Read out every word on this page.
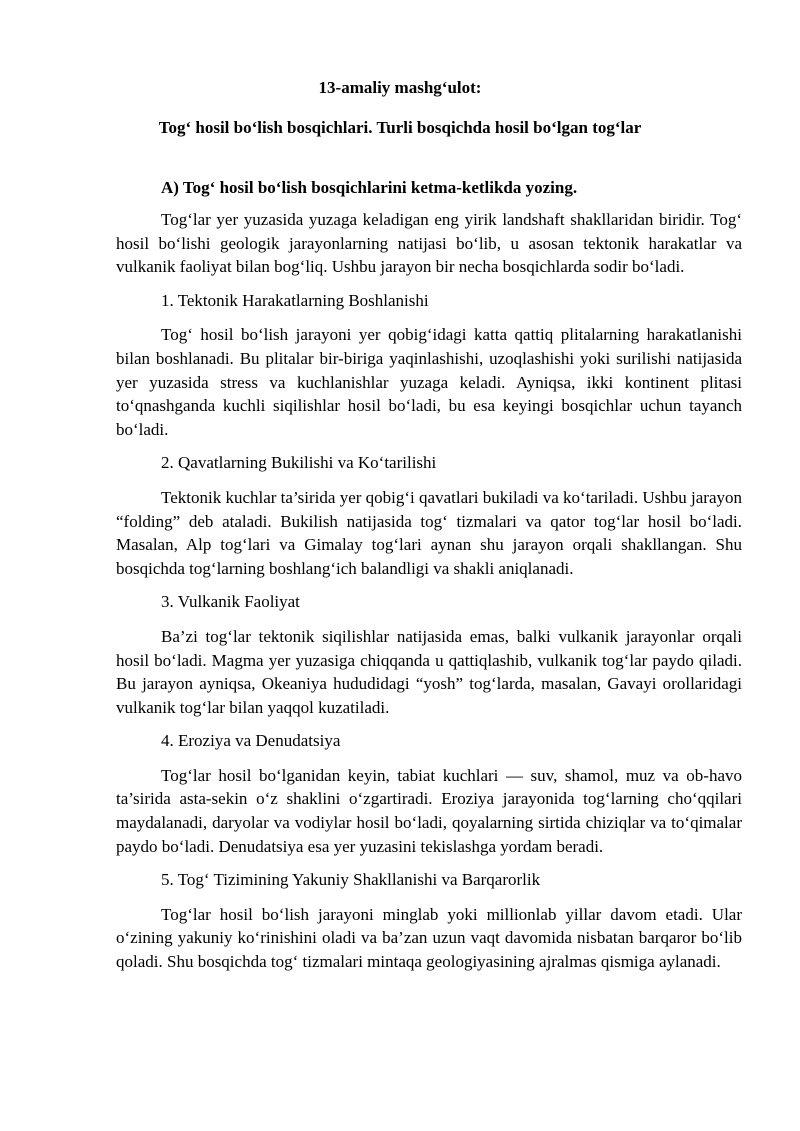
13-amaliy mashg‘ulot:
Tog‘ hosil bo‘lish bosqichlari. Turli bosqichda hosil bo‘lgan tog‘lar
A) Tog‘ hosil bo‘lish bosqichlarini ketma-ketlikda yozing.

Tog‘lar yer yuzasida yuzaga keladigan eng yirik landshaft shakllaridan biridir. Tog‘ hosil bo‘lishi geologik jarayonlarning natijasi bo‘lib, u asosan tektonik harakatlar va vulkanik faoliyat bilan bog‘liq. Ushbu jarayon bir necha bosqichlarda sodir bo‘ladi.

1. Tektonik Harakatlarning Boshlanishi

Tog‘ hosil bo‘lish jarayoni yer qobig‘idagi katta qattiq plitalarning harakatlanishi bilan boshlanadi. Bu plitalar bir-biriga yaqinlashishi, uzoqlashishi yoki surilishi natijasida yer yuzasida stress va kuchlanishlar yuzaga keladi. Ayniqsa, ikki kontinent plitasi to‘qnashganda kuchli siqilishlar hosil bo‘ladi, bu esa keyingi bosqichlar uchun tayanch bo‘ladi.

2. Qavatlarning Bukilishi va Ko‘tarilishi

Tektonik kuchlar ta’sirida yer qobig‘i qavatlari bukiladi va ko‘tariladi. Ushbu jarayon “folding” deb ataladi. Bukilish natijasida tog‘ tizmalari va qator tog‘lar hosil bo‘ladi. Masalan, Alp tog‘lari va Gimalay tog‘lari aynan shu jarayon orqali shakllangan. Shu bosqichda tog‘larning boshlang‘ich balandligi va shakli aniqlanadi.

3. Vulkanik Faoliyat

Ba’zi tog‘lar tektonik siqilishlar natijasida emas, balki vulkanik jarayonlar orqali hosil bo‘ladi. Magma yer yuzasiga chiqqanda u qattiqlashib, vulkanik tog‘lar paydo qiladi. Bu jarayon ayniqsa, Okeaniya hududidagi “yosh” tog‘larda, masalan, Gavayi orollaridagi vulkanik tog‘lar bilan yaqqol kuzatiladi.

4. Eroziya va Denudatsiya

Tog‘lar hosil bo‘lganidan keyin, tabiat kuchlari — suv, shamol, muz va ob-havo ta’sirida asta-sekin o‘z shaklini o‘zgartiradi. Eroziya jarayonida tog‘larning cho‘qqilari maydalanadi, daryolar va vodiylar hosil bo‘ladi, qoyalarning sirtida chiziqlar va to‘qimalar paydo bo‘ladi. Denudatsiya esa yer yuzasini tekislashga yordam beradi.

5. Tog‘ Tizimining Yakuniy Shakllanishi va Barqarorlik

Tog‘lar hosil bo‘lish jarayoni minglab yoki millionlab yillar davom etadi. Ular o‘zining yakuniy ko‘rinishini oladi va ba’zan uzun vaqt davomida nisbatan barqaror bo‘lib qoladi. Shu bosqichda tog‘ tizmalari mintaqa geologiyasining ajralmas qismiga aylanadi.
